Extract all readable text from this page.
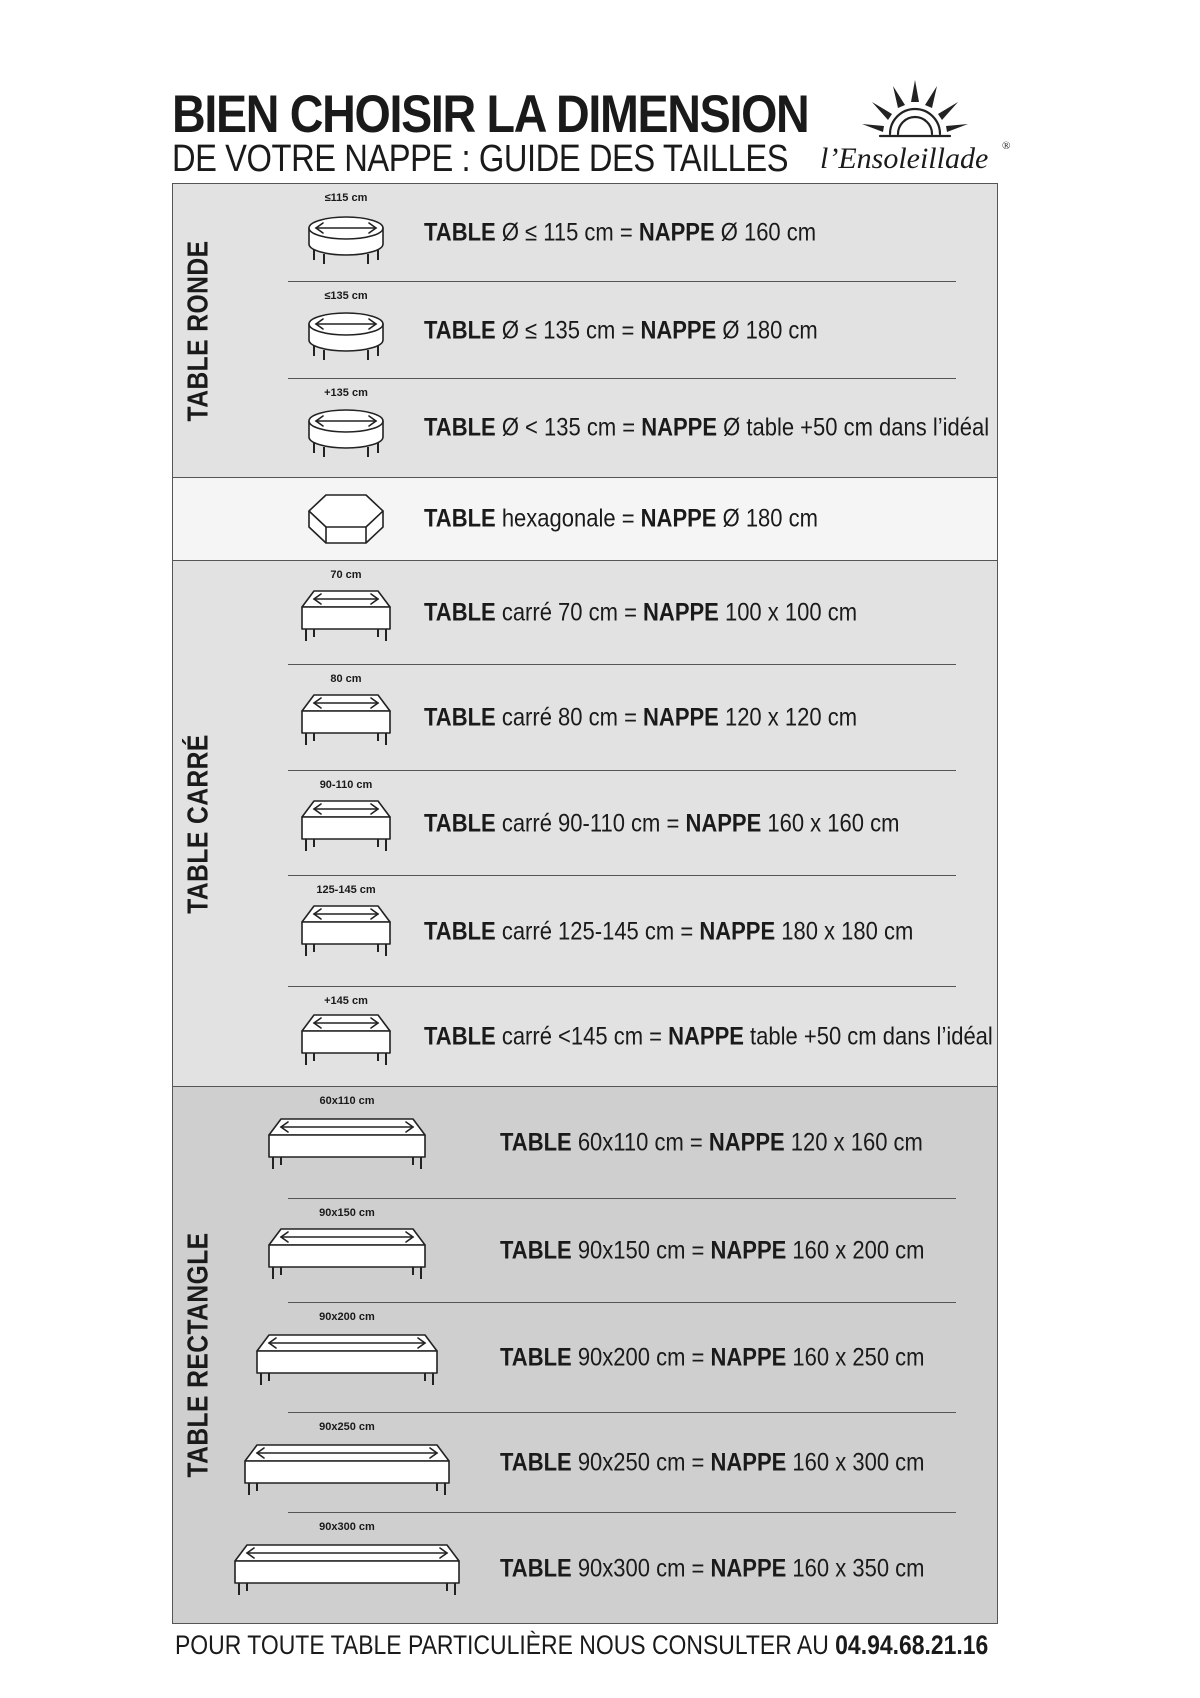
BIEN CHOISIR LA DIMENSION
DE VOTRE NAPPE : GUIDE DES TAILLES l’Ensoleillade ®
TABLE RONDE
≤115 cm
TABLE Ø ≤ 115 cm = NAPPE Ø 160 cm
≤135 cm
TABLE Ø ≤ 135 cm = NAPPE Ø 180 cm
+135 cm
TABLE Ø < 135 cm = NAPPE Ø table +50 cm dans l’idéal
TABLE hexagonale = NAPPE Ø 180 cm
TABLE CARRÉ
70 cm
TABLE carré 70 cm = NAPPE 100 x 100 cm
80 cm
TABLE carré 80 cm = NAPPE 120 x 120 cm
90-110 cm
TABLE carré 90-110 cm = NAPPE 160 x 160 cm
125-145 cm
TABLE carré 125-145 cm = NAPPE 180 x 180 cm
+145 cm
TABLE carré <145 cm = NAPPE table +50 cm dans l’idéal
TABLE RECTANGLE
60x110 cm
TABLE 60x110 cm = NAPPE 120 x 160 cm
90x150 cm
TABLE 90x150 cm = NAPPE 160 x 200 cm
90x200 cm
TABLE 90x200 cm = NAPPE 160 x 250 cm
90x250 cm
TABLE 90x250 cm = NAPPE 160 x 300 cm
90x300 cm
TABLE 90x300 cm = NAPPE 160 x 350 cm
POUR TOUTE TABLE PARTICULIÈRE NOUS CONSULTER AU 04.94.68.21.16
